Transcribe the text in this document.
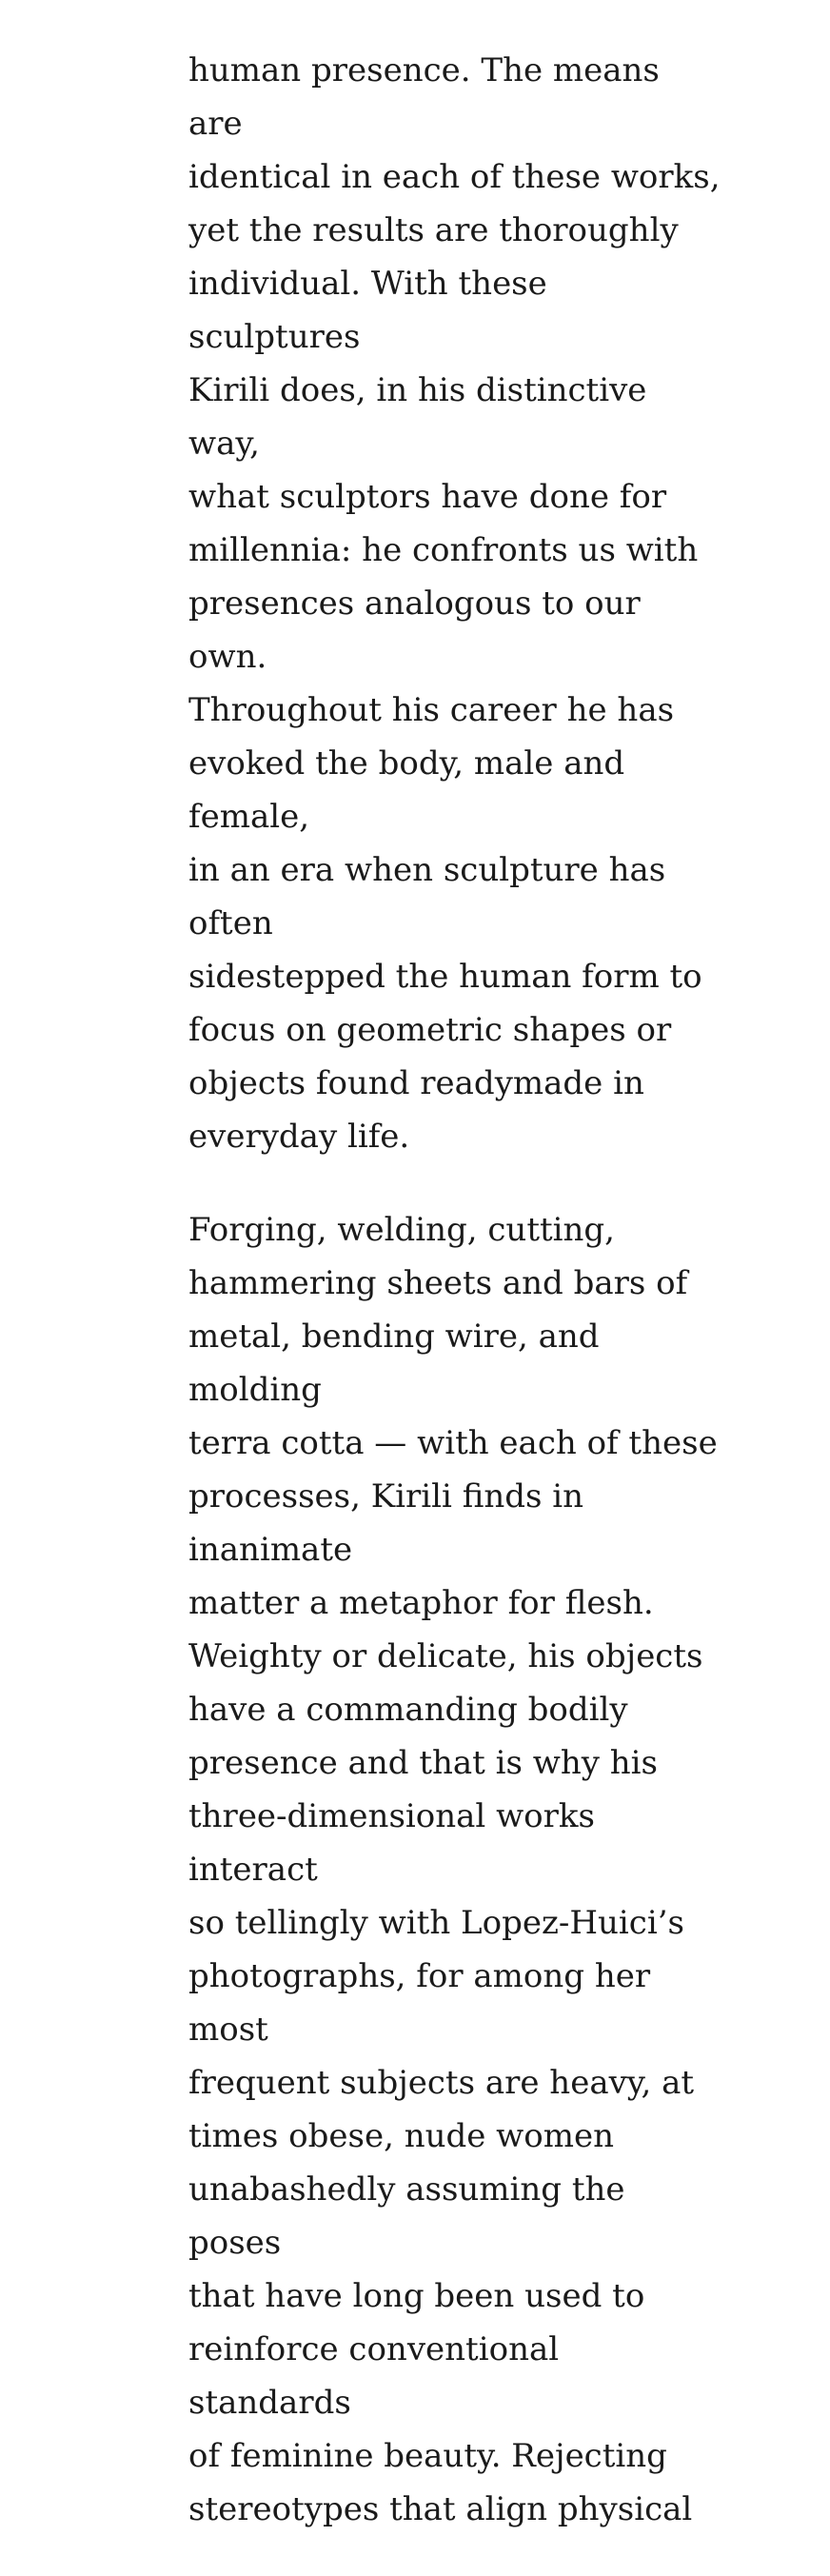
human presence. The means are
identical in each of these works,
yet the results are thoroughly
individual. With these sculptures
Kirili does, in his distinctive way,
what sculptors have done for
millennia: he confronts us with
presences analogous to our own.
Throughout his career he has
evoked the body, male and female,
in an era when sculpture has often
sidestepped the human form to
focus on geometric shapes or
objects found readymade in
everyday life.

Forging, welding, cutting,
hammering sheets and bars of
metal, bending wire, and molding
terra cotta — with each of these
processes, Kirili finds in inanimate
matter a metaphor for flesh.
Weighty or delicate, his objects
have a commanding bodily
presence and that is why his
three-dimensional works interact
so tellingly with Lopez-Huici’s
photographs, for among her most
frequent subjects are heavy, at
times obese, nude women
unabashedly assuming the poses
that have long been used to
reinforce conventional standards
of feminine beauty. Rejecting
stereotypes that align physical
